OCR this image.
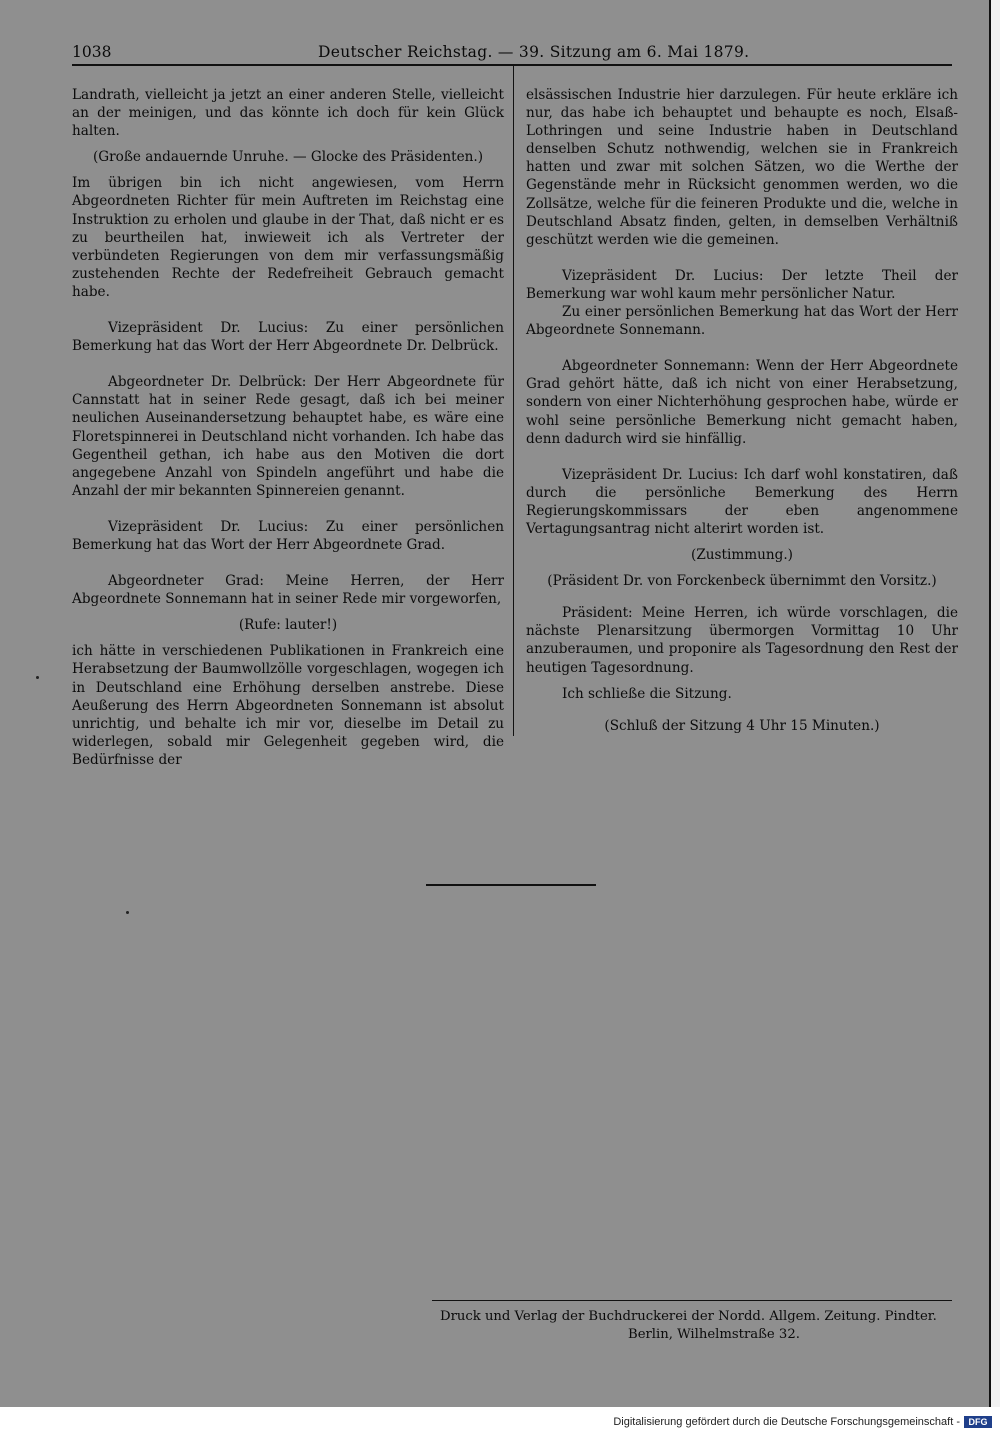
1038	Deutscher Reichstag. — 39. Sitzung am 6. Mai 1879.

Landrath, vielleicht ja jetzt an einer anderen Stelle, vielleicht an der meinigen, und das könnte ich doch für kein Glück halten.

(Große andauernde Unruhe. — Glocke des Präsidenten.)

Im übrigen bin ich nicht angewiesen, vom Herrn Abgeordneten Richter für mein Auftreten im Reichstag eine Instruktion zu erholen und glaube in der That, daß nicht er es zu beurtheilen hat, inwieweit ich als Vertreter der verbündeten Regierungen von dem mir verfassungsmäßig zustehenden Rechte der Redefreiheit Gebrauch gemacht habe.

Vizepräsident Dr. Lucius: Zu einer persönlichen Bemerkung hat das Wort der Herr Abgeordnete Dr. Delbrück.

Abgeordneter Dr. Delbrück: Der Herr Abgeordnete für Cannstatt hat in seiner Rede gesagt, daß ich bei meiner neulichen Auseinandersetzung behauptet habe, es wäre eine Floretspinnerei in Deutschland nicht vorhanden. Ich habe das Gegentheil gethan, ich habe aus den Motiven die dort angegebene Anzahl von Spindeln angeführt und habe die Anzahl der mir bekannten Spinnereien genannt.

Vizepräsident Dr. Lucius: Zu einer persönlichen Bemerkung hat das Wort der Herr Abgeordnete Grad.

Abgeordneter Grad: Meine Herren, der Herr Abgeordnete Sonnemann hat in seiner Rede mir vorgeworfen,

(Rufe: lauter!)

ich hätte in verschiedenen Publikationen in Frankreich eine Herabsetzung der Baumwollzölle vorgeschlagen, wogegen ich in Deutschland eine Erhöhung derselben anstrebe. Diese Aeußerung des Herrn Abgeordneten Sonnemann ist absolut unrichtig, und behalte ich mir vor, dieselbe im Detail zu widerlegen, sobald mir Gelegenheit gegeben wird, die Bedürfnisse der

elsässischen Industrie hier darzulegen. Für heute erkläre ich nur, das habe ich behauptet und behaupte es noch, Elsaß-Lothringen und seine Industrie haben in Deutschland denselben Schutz nothwendig, welchen sie in Frankreich hatten und zwar mit solchen Sätzen, wo die Werthe der Gegenstände mehr in Rücksicht genommen werden, wo die Zollsätze, welche für die feineren Produkte und die, welche in Deutschland Absatz finden, gelten, in demselben Verhältniß geschützt werden wie die gemeinen.

Vizepräsident Dr. Lucius: Der letzte Theil der Bemerkung war wohl kaum mehr persönlicher Natur.

Zu einer persönlichen Bemerkung hat das Wort der Herr Abgeordnete Sonnemann.

Abgeordneter Sonnemann: Wenn der Herr Abgeordnete Grad gehört hätte, daß ich nicht von einer Herabsetzung, sondern von einer Nichterhöhung gesprochen habe, würde er wohl seine persönliche Bemerkung nicht gemacht haben, denn dadurch wird sie hinfällig.

Vizepräsident Dr. Lucius: Ich darf wohl konstatiren, daß durch die persönliche Bemerkung des Herrn Regierungskommissars der eben angenommene Vertagungsantrag nicht alterirt worden ist.

(Zustimmung.)

(Präsident Dr. von Forckenbeck übernimmt den Vorsitz.)

Präsident: Meine Herren, ich würde vorschlagen, die nächste Plenarsitzung übermorgen Vormittag 10 Uhr anzuberaumen, und proponire als Tagesordnung den Rest der heutigen Tagesordnung.

Ich schließe die Sitzung.

(Schluß der Sitzung 4 Uhr 15 Minuten.)

Druck und Verlag der Buchdruckerei der Nordd. Allgem. Zeitung. Pindter.
Berlin, Wilhelmstraße 32.
Digitalisierung gefördert durch die Deutsche Forschungsgemeinschaft - DFG
